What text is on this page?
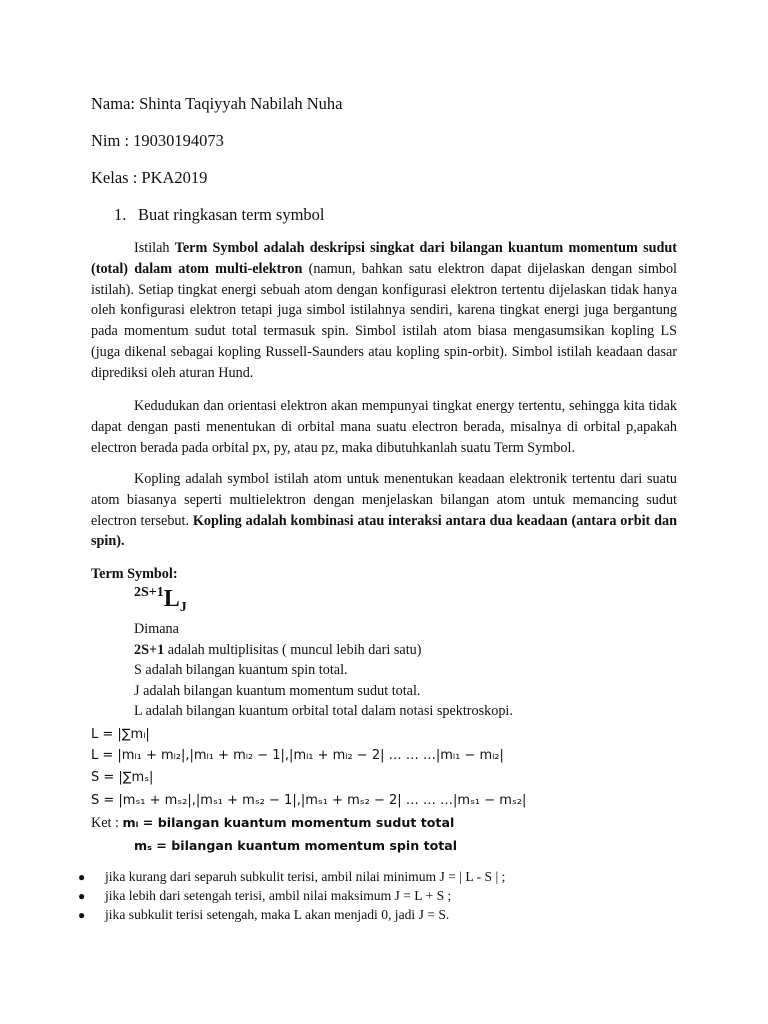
Nama: Shinta Taqiyyah Nabilah Nuha
Nim : 19030194073
Kelas : PKA2019
1. Buat ringkasan term symbol

Istilah Term Symbol adalah deskripsi singkat dari bilangan kuantum momentum sudut (total) dalam atom multi-elektron (namun, bahkan satu elektron dapat dijelaskan dengan simbol istilah). Setiap tingkat energi sebuah atom dengan konfigurasi elektron tertentu dijelaskan tidak hanya oleh konfigurasi elektron tetapi juga simbol istilahnya sendiri, karena tingkat energi juga bergantung pada momentum sudut total termasuk spin. Simbol istilah atom biasa mengasumsikan kopling LS (juga dikenal sebagai kopling Russell-Saunders atau kopling spin-orbit). Simbol istilah keadaan dasar diprediksi oleh aturan Hund.

Kedudukan dan orientasi elektron akan mempunyai tingkat energy tertentu, sehingga kita tidak dapat dengan pasti menentukan di orbital mana suatu electron berada, misalnya di orbital p,apakah electron berada pada orbital px, py, atau pz, maka dibutuhkanlah suatu Term Symbol.

Kopling adalah symbol istilah atom untuk menentukan keadaan elektronik tertentu dari suatu atom biasanya seperti multielektron dengan menjelaskan bilangan atom untuk memancing sudut electron tersebut. Kopling adalah kombinasi atau interaksi antara dua keadaan (antara orbit dan spin).

Term Symbol:
2S+1LJ
Dimana
2S+1 adalah multiplisitas ( muncul lebih dari satu)
S adalah bilangan kuantum spin total.
J adalah bilangan kuantum momentum sudut total.
L adalah bilangan kuantum orbital total dalam notasi spektroskopi.
L = |∑mₗ|
L = |mₗ₁ + mₗ₂|,|mₗ₁ + mₗ₂ − 1|,|mₗ₁ + mₗ₂ − 2| … … …|mₗ₁ − mₗ₂|
S = |∑mₛ|
S = |mₛ₁ + mₛ₂|,|mₛ₁ + mₛ₂ − 1|,|mₛ₁ + mₛ₂ − 2| … … …|mₛ₁ − mₛ₂|
Ket : mₗ = bilangan kuantum momentum sudut total
mₛ = bilangan kuantum momentum spin total
● jika kurang dari separuh subkulit terisi, ambil nilai minimum J = | L - S | ;
● jika lebih dari setengah terisi, ambil nilai maksimum J = L + S ;
● jika subkulit terisi setengah, maka L akan menjadi 0, jadi J = S.
